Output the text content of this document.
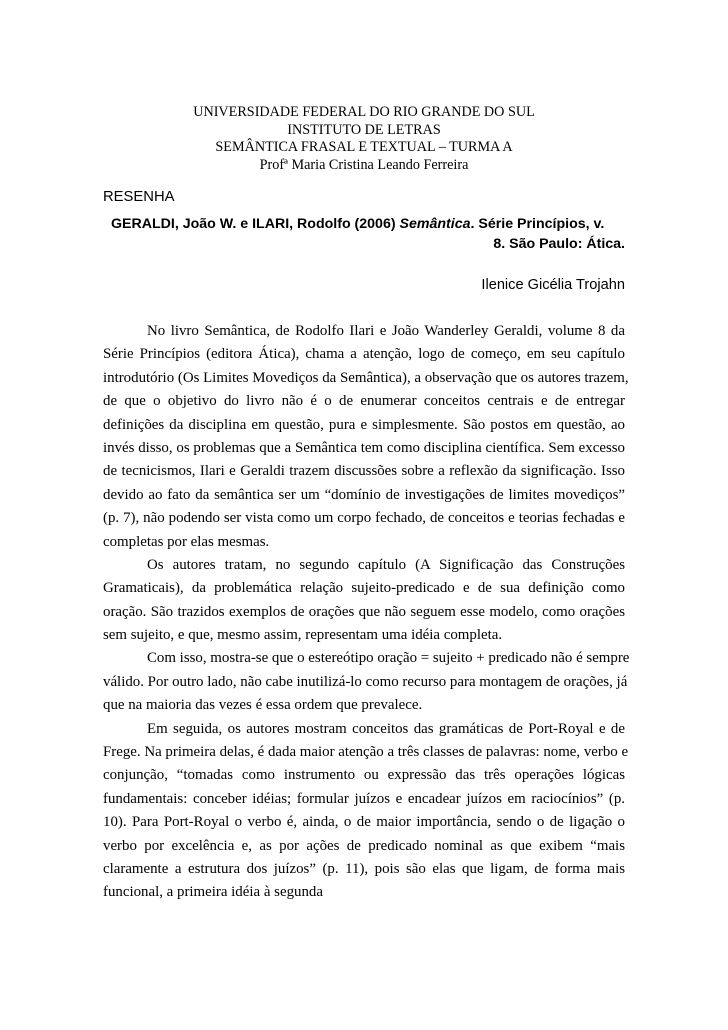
UNIVERSIDADE FEDERAL DO RIO GRANDE DO SUL
INSTITUTO DE LETRAS
SEMÂNTICA FRASAL E TEXTUAL – TURMA A
Profª Maria Cristina Leando Ferreira
RESENHA
GERALDI, João W. e ILARI, Rodolfo (2006) Semântica. Série Princípios, v.
8. São Paulo: Ática.
Ilenice Gicélia Trojahn
No livro Semântica, de Rodolfo Ilari e João Wanderley Geraldi, volume 8 da
Série Princípios (editora Ática), chama a atenção, logo de começo, em seu capítulo
introdutório (Os Limites Movediços da Semântica), a observação que os autores trazem,
de que o objetivo do livro não é o de enumerar conceitos centrais e de entregar
definições da disciplina em questão, pura e simplesmente. São postos em questão, ao
invés disso, os problemas que a Semântica tem como disciplina científica. Sem excesso
de tecnicismos, Ilari e Geraldi trazem discussões sobre a reflexão da significação. Isso
devido ao fato da semântica ser um “domínio de investigações de limites movediços”
(p. 7), não podendo ser vista como um corpo fechado, de conceitos e teorias fechadas e
completas por elas mesmas.
Os autores tratam, no segundo capítulo (A Significação das Construções
Gramaticais), da problemática relação sujeito-predicado e de sua definição como
oração. São trazidos exemplos de orações que não seguem esse modelo, como orações
sem sujeito, e que, mesmo assim, representam uma idéia completa.
Com isso, mostra-se que o estereótipo oração = sujeito + predicado não é sempre
válido. Por outro lado, não cabe inutilizá-lo como recurso para montagem de orações, já
que na maioria das vezes é essa ordem que prevalece.
Em seguida, os autores mostram conceitos das gramáticas de Port-Royal e de
Frege. Na primeira delas, é dada maior atenção a três classes de palavras: nome, verbo e
conjunção, “tomadas como instrumento ou expressão das três operações lógicas
fundamentais: conceber idéias; formular juízos e encadear juízos em raciocínios” (p.
10). Para Port-Royal o verbo é, ainda, o de maior importância, sendo o de ligação o
verbo por excelência e, as por ações de predicado nominal as que exibem “mais
claramente a estrutura dos juízos” (p. 11), pois são elas que ligam, de forma mais
funcional, a primeira idéia à segunda
